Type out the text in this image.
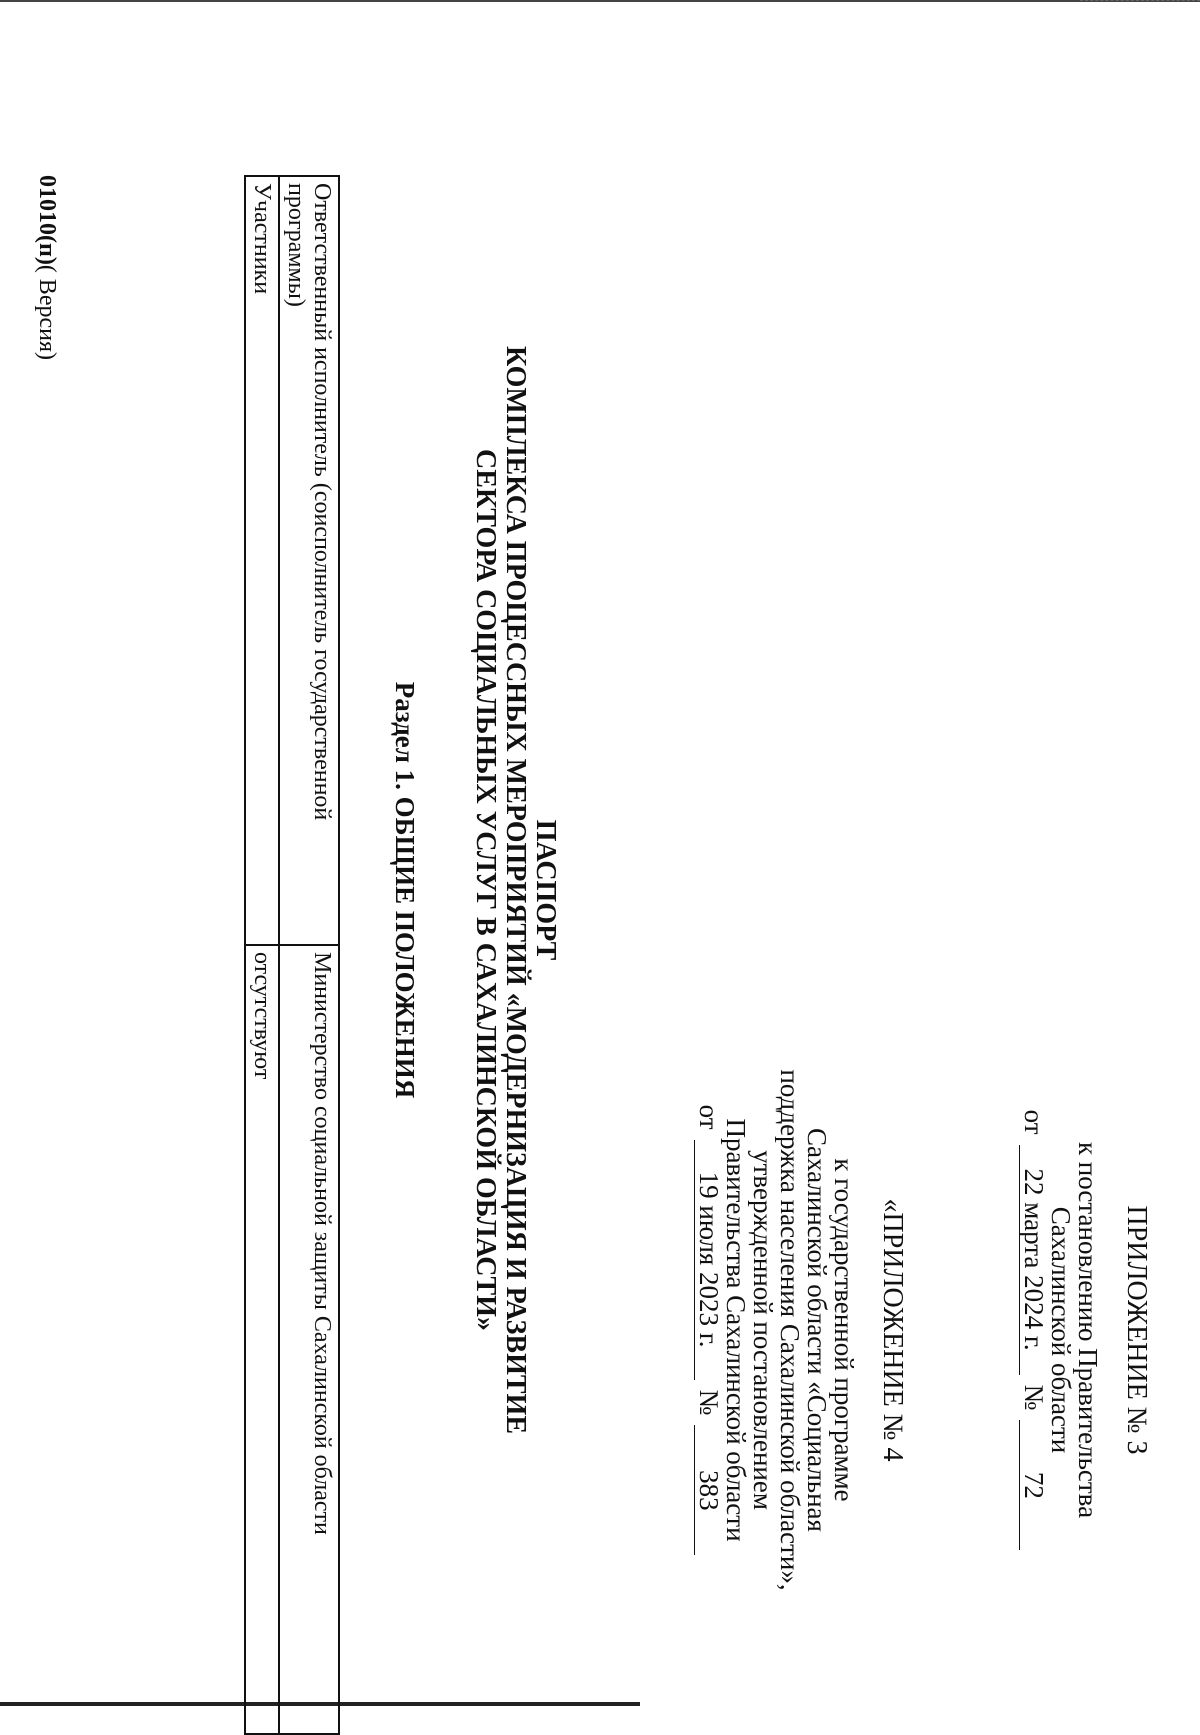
ПРИЛОЖЕНИЕ № 3
к постановлению Правительства
Сахалинской области
от
22 марта 2024 г.
№
72
«ПРИЛОЖЕНИЕ № 4
к государственной программе
Сахалинской области «Социальная
поддержка населения Сахалинской области»,
утвержденной постановлением
Правительства Сахалинской области
от
19 июля 2023 г.
№
383
ПАСПОРТ
КОМПЛЕКСА ПРОЦЕССНЫХ МЕРОПРИЯТИЙ «МОДЕРНИЗАЦИЯ И РАЗВИТИЕ
СЕКТОРА СОЦИАЛЬНЫХ УСЛУГ В САХАЛИНСКОЙ ОБЛАСТИ»
Раздел 1. ОБЩИЕ ПОЛОЖЕНИЯ
Ответственный исполнитель (соисполнитель государственной программы)	Министерство социальной защиты Сахалинской области
Участники	отсутствуют
01010(п)( Версия)
